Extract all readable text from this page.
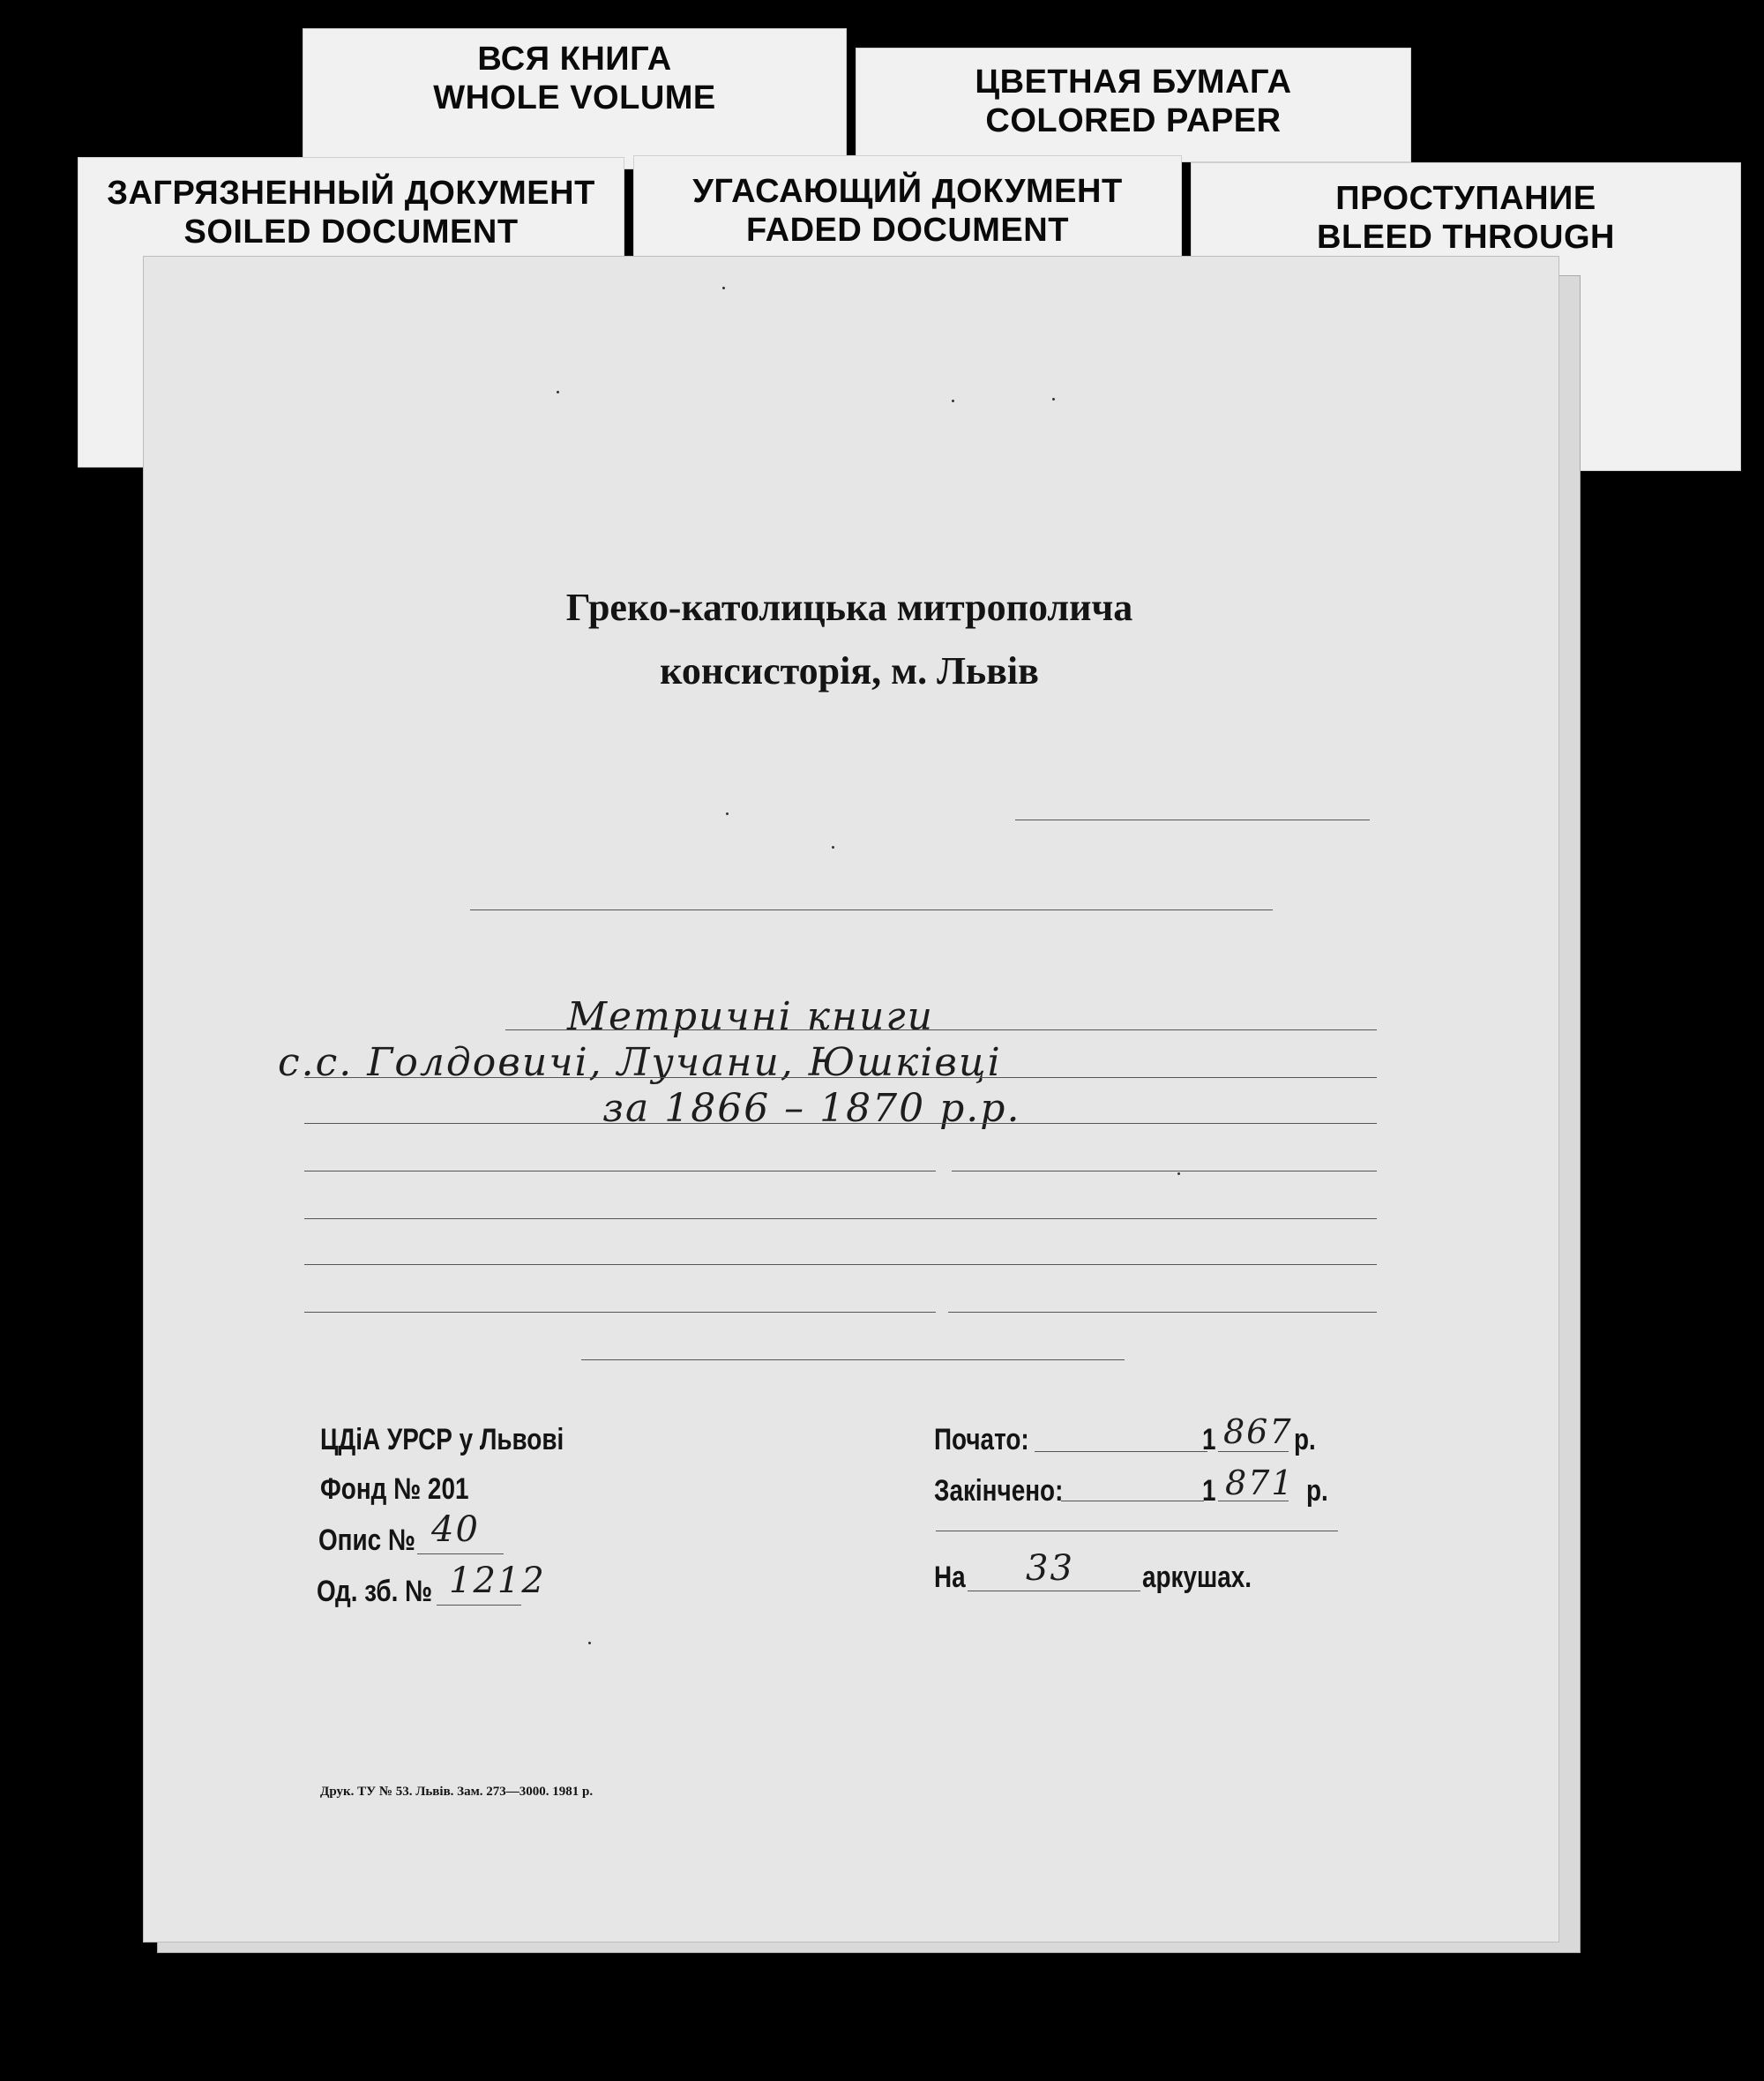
ВСЯ КНИГА
WHOLE VOLUME	ЦВЕТНАЯ БУМАГА
COLORED PAPER
ЗАГРЯЗНЕННЫЙ ДОКУМЕНТ
SOILED DOCUMENT
УГАСАЮЩИЙ ДОКУМЕНТ
FADED DOCUMENT
ПРОСТУПАНИЕ
BLEED THROUGH
Греко-католицька митрополича
консисторія, м. Львів
Метричні книги
с.с. Голдовичі, Лучани, Юшківці
за 1866 – 1870 р.р.
ЦДіА УРСР у Львові
Фонд № 201
Опис № 40
Од. зб. № 1212
Почато:	1 867 р.
Закінчено:	1 871 р.
На 33 аркушах.
Друк. ТУ № 53. Львів. Зам. 273—3000. 1981 р.
